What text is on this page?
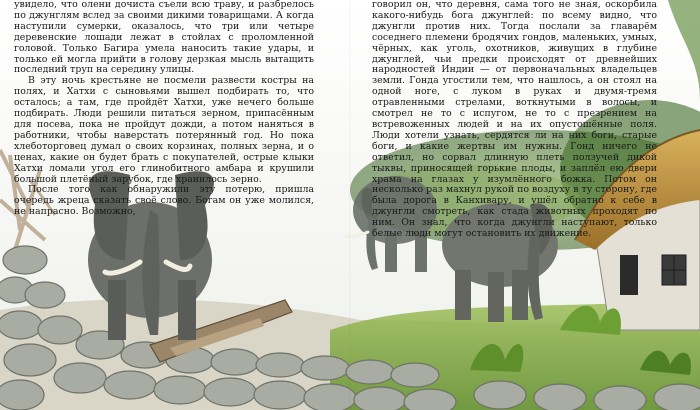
увидело, что олени дочиста съели всю траву, и разбрелось по джунглям вслед за своими дикими товарищами. А когда наступили сумерки, оказалось, что три или четыре деревенские лошади лежат в стойлах с проломленной головой. Только Багира умела наносить такие удары, и только ей могла прийти в голову дерзкая мысль вытащить последний труп на середину улицы.

В эту ночь крестьяне не посмели развести костры на полях, и Хатхи с сыновьями вышел подбирать то, что осталось; а там, где пройдёт Хатхи, уже нечего больше подбирать. Люди решили питаться зерном, припасённым для посева, пока не пройдут дожди, а потом наняться в работники, чтобы наверстать потерянный год. Но пока хлеботорговец думал о своих корзинах, полных зерна, и о ценах, какие он будет брать с покупателей, острые клыки Хатхи ломали угол его глинобитного амбара и крушили большой плетёный зарубок, где хранилось зерно.

После того как обнаружили эту потерю, пришла очередь жреца сказать своё слово. Богам он уже молился, не напрасно. Возможно,

говорил он, что деревня, сама того не зная, оскорбила какого-нибудь бога джунглей: по всему видно, что джунгли против них. Тогда послали за главарём соседнего племени бродячих гондов, маленьких, умных, чёрных, как уголь, охотников, живущих в глубине джунглей, чьи предки происходят от древнейших народностей Индии — от первоначальных владельцев земли. Гонда угостили тем, что нашлось, а он стоял на одной ноге, с луком в руках и двумя-тремя отравленными стрелами, воткнутыми в волосы, и смотрел не то с испугом, не то с презрением на встревоженных людей и на их опустошённые поля. Люди хотели узнать, сердятся ли на них боги, старые боги, и какие жертвы им нужны. Гонд ничего не ответил, но сорвал длинную плеть ползучей дикой тыквы, приносящей горькие плоды, и заплёл ею двери храма на глазах у изумлённого божка. Потом он несколько раз махнул рукой по воздуху в ту сторону, где была дорога в Канхивару, и ушёл обратно к себе в джунгли смотреть, как стада животных проходят по ним. Он знал, что когда джунгли наступают, только белые люди могут остановить их движение.
